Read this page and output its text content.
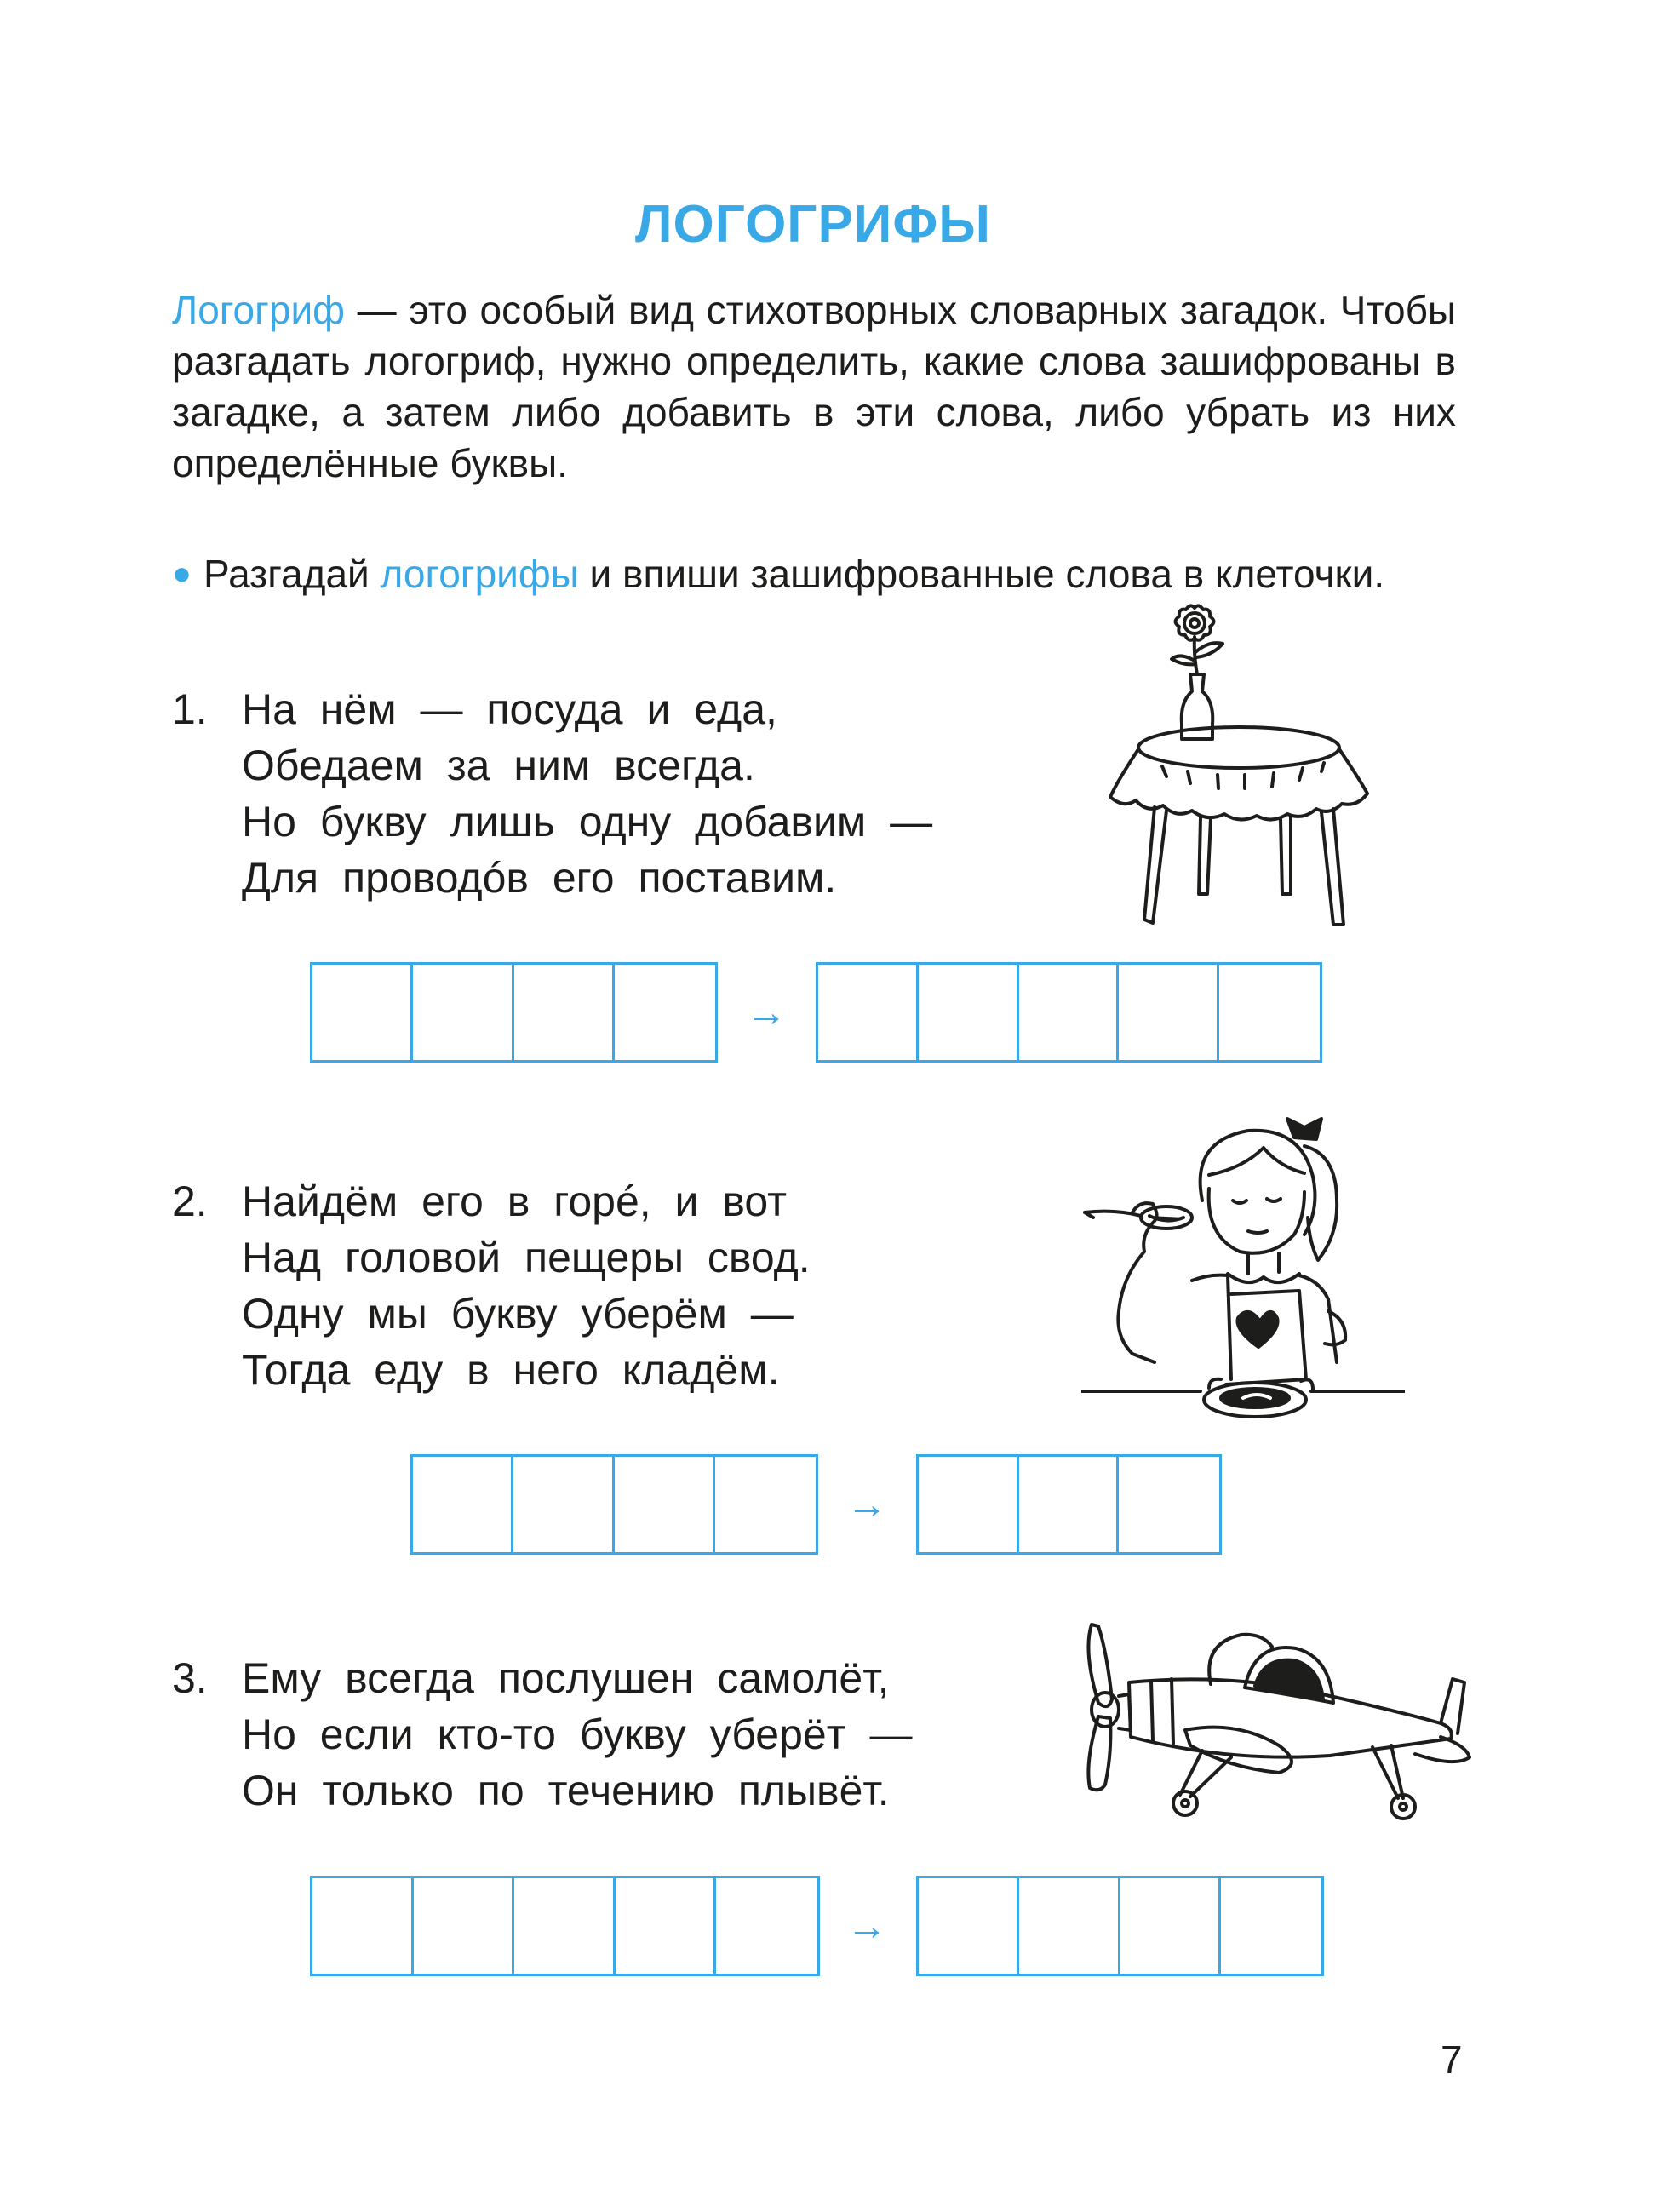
ЛОГОГРИФЫ
Логогриф — это особый вид стихотворных словарных загадок. Чтобы разгадать логогриф, нужно определить, какие слова зашифрованы в загадке, а затем либо добавить в эти слова, либо убрать из них определённые буквы.
● Разгадай логогрифы и впиши зашифрованные слова в клеточки.
1. На нём — посуда и еда,
Обедаем за ним всегда.
Но букву лишь одну добавим —
Для проводóв его поставим.
→
2. Найдём его в горé, и вот
Над головой пещеры свод.
Одну мы букву уберём —
Тогда еду в него кладём.
→
3. Ему всегда послушен самолёт,
Но если кто-то букву уберёт —
Он только по течению плывёт.
→
7
